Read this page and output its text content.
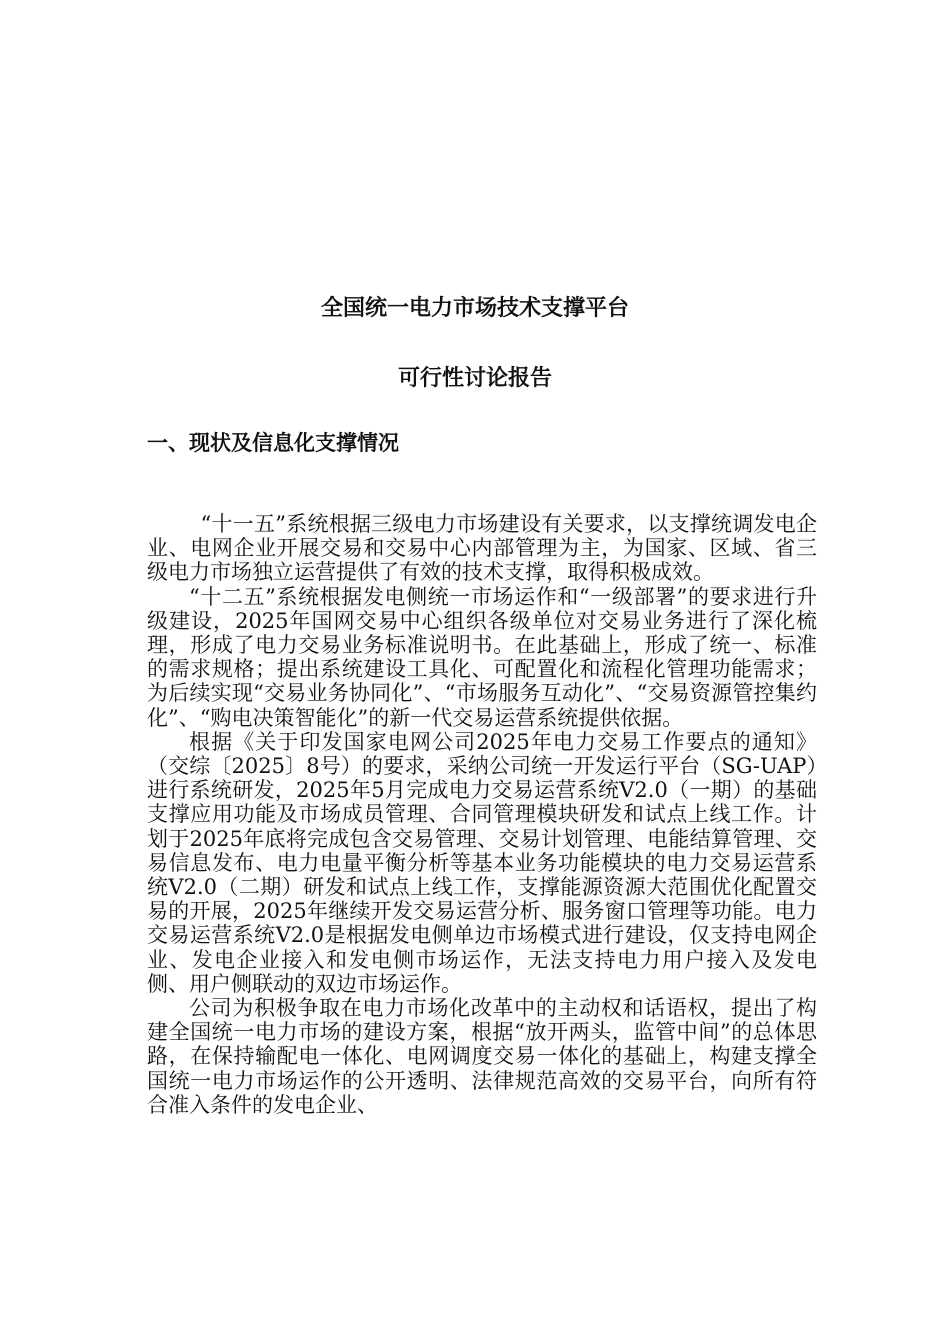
全国统一电力市场技术支撑平台
可行性讨论报告
一、现状及信息化支撑情况

“十一五”系统根据三级电力市场建设有关要求，以支撑统调发电企业、电网企业开展交易和交易中心内部管理为主，为国家、区域、省三级电力市场独立运营提供了有效的技术支撑，取得积极成效。

“十二五”系统根据发电侧统一市场运作和“一级部署”的要求进行升级建设，2025年国网交易中心组织各级单位对交易业务进行了深化梳理，形成了电力交易业务标准说明书。在此基础上，形成了统一、标准的需求规格；提出系统建设工具化、可配置化和流程化管理功能需求；为后续实现“交易业务协同化”、“市场服务互动化”、“交易资源管控集约化”、“购电决策智能化”的新一代交易运营系统提供依据。

根据《关于印发国家电网公司2025年电力交易工作要点的通知》（交综〔2025〕8号）的要求，采纳公司统一开发运行平台（SG-UAP）进行系统研发，2025年5月完成电力交易运营系统V2.0（一期）的基础支撑应用功能及市场成员管理、合同管理模块研发和试点上线工作。计划于2025年底将完成包含交易管理、交易计划管理、电能结算管理、交易信息发布、电力电量平衡分析等基本业务功能模块的电力交易运营系统V2.0（二期）研发和试点上线工作，支撑能源资源大范围优化配置交易的开展，2025年继续开发交易运营分析、服务窗口管理等功能。电力交易运营系统V2.0是根据发电侧单边市场模式进行建设，仅支持电网企业、发电企业接入和发电侧市场运作，无法支持电力用户接入及发电侧、用户侧联动的双边市场运作。

公司为积极争取在电力市场化改革中的主动权和话语权，提出了构建全国统一电力市场的建设方案，根据“放开两头，监管中间”的总体思路，在保持输配电一体化、电网调度交易一体化的基础上，构建支撑全国统一电力市场运作的公开透明、法律规范高效的交易平台，向所有符合准入条件的发电企业、
